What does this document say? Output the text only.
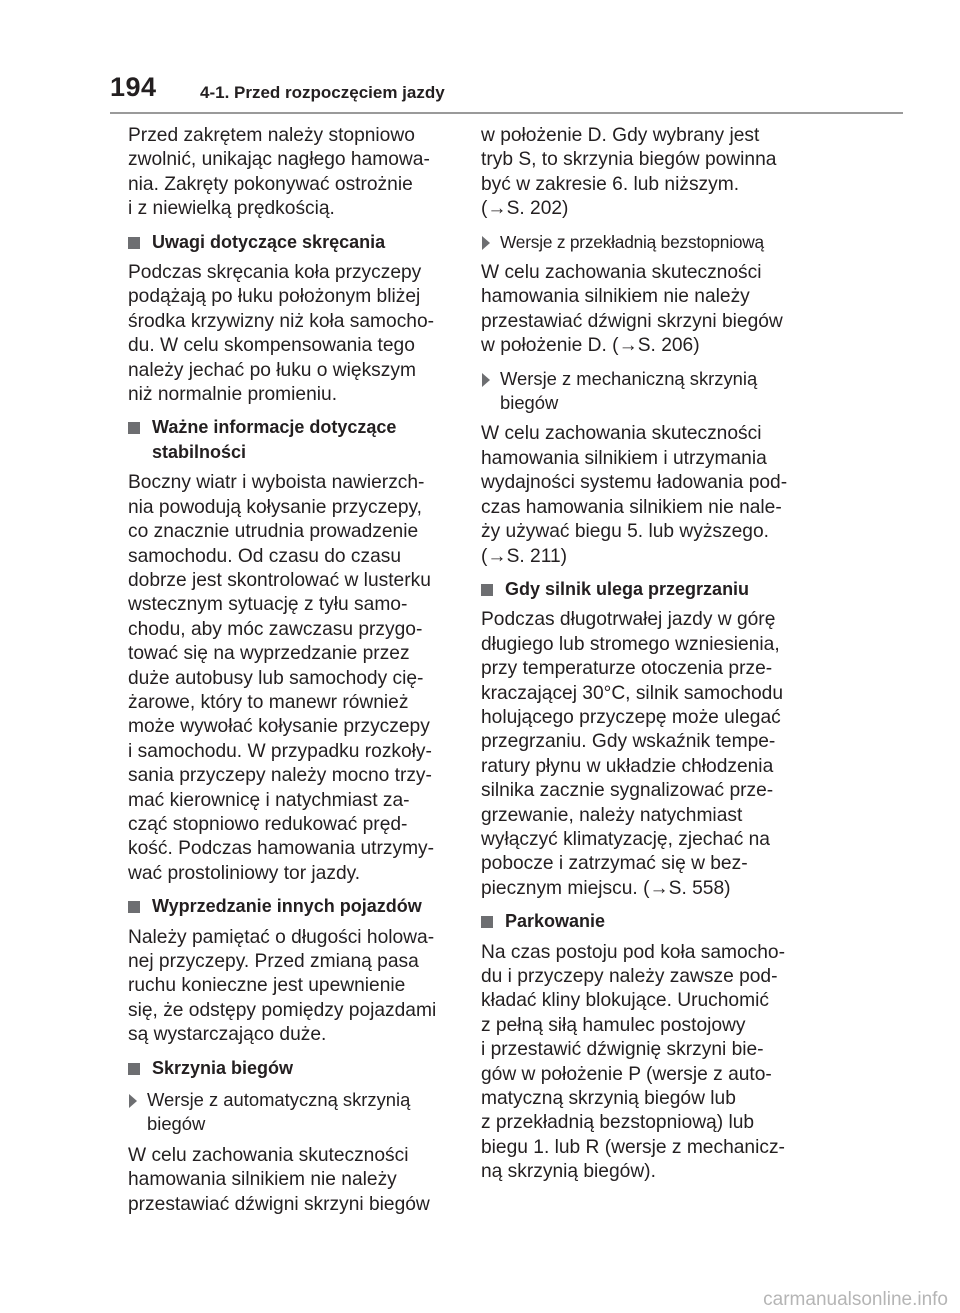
194	4-1. Przed rozpoczęciem jazdy

Przed zakrętem należy stopniowo
zwolnić, unikając nagłego hamowa-
nia. Zakręty pokonywać ostrożnie
i z niewielką prędkością.

Uwagi dotyczące skręcania

Podczas skręcania koła przyczepy
podążają po łuku położonym bliżej
środka krzywizny niż koła samocho-
du. W celu skompensowania tego
należy jechać po łuku o większym
niż normalnie promieniu.

Ważne informacje dotyczące
stabilności

Boczny wiatr i wyboista nawierzch-
nia powodują kołysanie przyczepy,
co znacznie utrudnia prowadzenie
samochodu. Od czasu do czasu
dobrze jest skontrolować w lusterku
wstecznym sytuację z tyłu samo-
chodu, aby móc zawczasu przygo-
tować się na wyprzedzanie przez
duże autobusy lub samochody cię-
żarowe, który to manewr również
może wywołać kołysanie przyczepy
i samochodu. W przypadku rozkoły-
sania przyczepy należy mocno trzy-
mać kierownicę i natychmiast za-
cząć stopniowo redukować pręd-
kość. Podczas hamowania utrzymy-
wać prostoliniowy tor jazdy.

Wyprzedzanie innych pojazdów

Należy pamiętać o długości holowa-
nej przyczepy. Przed zmianą pasa
ruchu konieczne jest upewnienie
się, że odstępy pomiędzy pojazdami
są wystarczająco duże.

Skrzynia biegów
Wersje z automatyczną skrzynią
biegów

W celu zachowania skuteczności
hamowania silnikiem nie należy
przestawiać dźwigni skrzyni biegów

w położenie D. Gdy wybrany jest
tryb S, to skrzynia biegów powinna
być w zakresie 6. lub niższym.
(→S. 202)

Wersje z przekładnią bezstopniową

W celu zachowania skuteczności
hamowania silnikiem nie należy
przestawiać dźwigni skrzyni biegów
w położenie D. (→S. 206)

Wersje z mechaniczną skrzynią
biegów

W celu zachowania skuteczności
hamowania silnikiem i utrzymania
wydajności systemu ładowania pod-
czas hamowania silnikiem nie nale-
ży używać biegu 5. lub wyższego.
(→S. 211)

Gdy silnik ulega przegrzaniu

Podczas długotrwałej jazdy w górę
długiego lub stromego wzniesienia,
przy temperaturze otoczenia prze-
kraczającej 30°C, silnik samochodu
holującego przyczepę może ulegać
przegrzaniu. Gdy wskaźnik tempe-
ratury płynu w układzie chłodzenia
silnika zacznie sygnalizować prze-
grzewanie, należy natychmiast
wyłączyć klimatyzację, zjechać na
pobocze i zatrzymać się w bez-
piecznym miejscu. (→S. 558)

Parkowanie

Na czas postoju pod koła samocho-
du i przyczepy należy zawsze pod-
kładać kliny blokujące. Uruchomić
z pełną siłą hamulec postojowy
i przestawić dźwignię skrzyni bie-
gów w położenie P (wersje z auto-
matyczną skrzynią biegów lub
z przekładnią bezstopniową) lub
biegu 1. lub R (wersje z mechanicz-
ną skrzynią biegów).

carmanualsonline.info
